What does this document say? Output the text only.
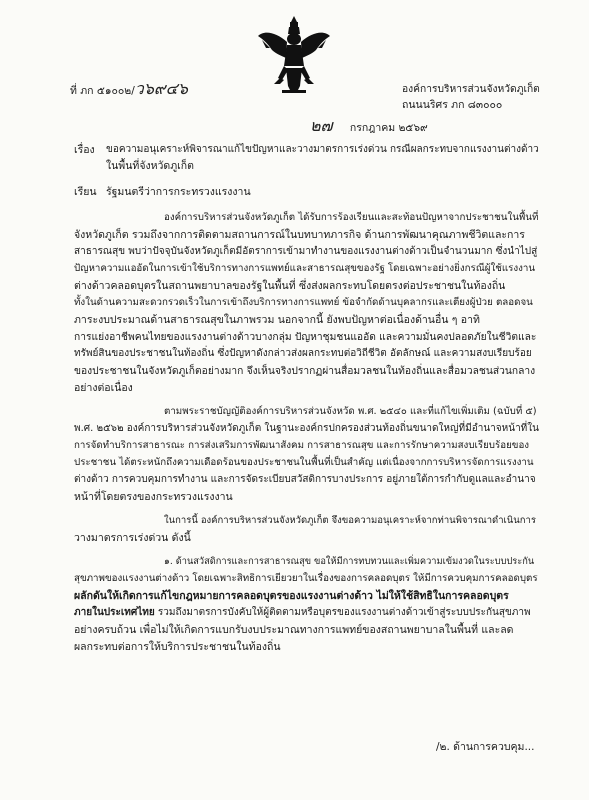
ที่ ภก ๕๑๐๐๒/ว๖๙๔๖	องค์การบริหารส่วนจังหวัดภูเก็ต
ถนนนริศร ภก ๘๓๐๐๐
๒๗ กรกฎาคม ๒๕๖๙
เรื่อง ขอความอนุเคราะห์พิจารณาแก้ไขปัญหาและวางมาตรการเร่งด่วน กรณีผลกระทบจากแรงงานต่างด้าว
ในพื้นที่จังหวัดภูเก็ต
เรียน รัฐมนตรีว่าการกระทรวงแรงงาน
องค์การบริหารส่วนจังหวัดภูเก็ต ได้รับการร้องเรียนและสะท้อนปัญหาจากประชาชนในพื้นที่
จังหวัดภูเก็ต รวมถึงจากการติดตามสถานการณ์ในบทบาทภารกิจ ด้านการพัฒนาคุณภาพชีวิตและการ
สาธารณสุข พบว่าปัจจุบันจังหวัดภูเก็ตมีอัตราการเข้ามาทำงานของแรงงานต่างด้าวเป็นจำนวนมาก ซึ่งนำไปสู่
ปัญหาความแออัดในการเข้าใช้บริการทางการแพทย์และสาธารณสุขของรัฐ โดยเฉพาะอย่างยิ่งกรณีผู้ใช้แรงงาน
ต่างด้าวคลอดบุตรในสถานพยาบาลของรัฐในพื้นที่ ซึ่งส่งผลกระทบโดยตรงต่อประชาชนในท้องถิ่น
ทั้งในด้านความสะดวกรวดเร็วในการเข้าถึงบริการทางการแพทย์ ข้อจำกัดด้านบุคลากรและเตียงผู้ป่วย ตลอดจน
ภาระงบประมาณด้านสาธารณสุขในภาพรวม นอกจากนี้ ยังพบปัญหาต่อเนื่องด้านอื่น ๆ อาทิ
การแย่งอาชีพคนไทยของแรงงานต่างด้าวบางกลุ่ม ปัญหาชุมชนแออัด และความมั่นคงปลอดภัยในชีวิตและ
ทรัพย์สินของประชาชนในท้องถิ่น ซึ่งปัญหาดังกล่าวส่งผลกระทบต่อวิถีชีวิต อัตลักษณ์ และความสงบเรียบร้อย
ของประชาชนในจังหวัดภูเก็ตอย่างมาก จึงเห็นจริงปรากฏผ่านสื่อมวลชนในท้องถิ่นและสื่อมวลชนส่วนกลาง
อย่างต่อเนื่อง
ตามพระราชบัญญัติองค์การบริหารส่วนจังหวัด พ.ศ. ๒๕๔๐ และที่แก้ไขเพิ่มเติม (ฉบับที่ ๕)
พ.ศ. ๒๕๖๒ องค์การบริหารส่วนจังหวัดภูเก็ต ในฐานะองค์กรปกครองส่วนท้องถิ่นขนาดใหญ่ที่มีอำนาจหน้าที่ใน
การจัดทำบริการสาธารณะ การส่งเสริมการพัฒนาสังคม การสาธารณสุข และการรักษาความสงบเรียบร้อยของ
ประชาชน ได้ตระหนักถึงความเดือดร้อนของประชาชนในพื้นที่เป็นสำคัญ แต่เนื่องจากการบริหารจัดการแรงงาน
ต่างด้าว การควบคุมการทำงาน และการจัดระเบียบสวัสดิการบางประการ อยู่ภายใต้การกำกับดูแลและอำนาจ
หน้าที่โดยตรงของกระทรวงแรงงาน
ในการนี้ องค์การบริหารส่วนจังหวัดภูเก็ต จึงขอความอนุเคราะห์จากท่านพิจารณาดำเนินการ
วางมาตรการเร่งด่วน ดังนี้
๑. ด้านสวัสดิการและการสาธารณสุข ขอให้มีการทบทวนและเพิ่มความเข้มงวดในระบบประกัน
สุขภาพของแรงงานต่างด้าว โดยเฉพาะสิทธิการเยียวยาในเรื่องของการคลอดบุตร ให้มีการควบคุมการคลอดบุตร
ผลักดันให้เกิดการแก้ไขกฎหมายการคลอดบุตรของแรงงานต่างด้าว ไม่ให้ใช้สิทธิในการคลอดบุตร
ภายในประเทศไทย รวมถึงมาตรการบังคับให้ผู้ติดตามหรือบุตรของแรงงานต่างด้าวเข้าสู่ระบบประกันสุขภาพ
อย่างครบถ้วน เพื่อไม่ให้เกิดการแบกรับงบประมาณทางการแพทย์ของสถานพยาบาลในพื้นที่ และลด
ผลกระทบต่อการให้บริการประชาชนในท้องถิ่น
/๒. ด้านการควบคุม...
